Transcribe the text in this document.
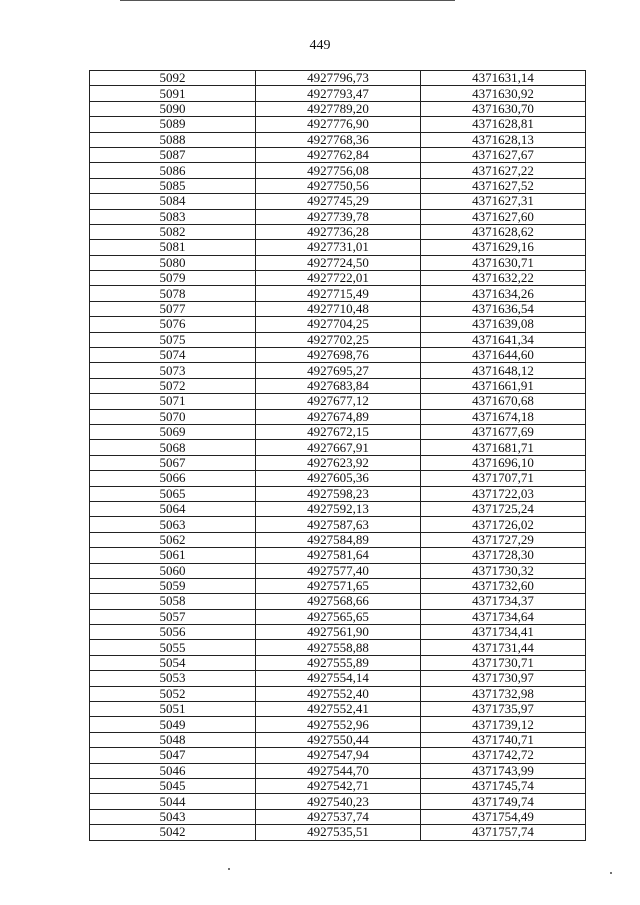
449
5092	4927796,73	4371631,14
5091	4927793,47	4371630,92
5090	4927789,20	4371630,70
5089	4927776,90	4371628,81
5088	4927768,36	4371628,13
5087	4927762,84	4371627,67
5086	4927756,08	4371627,22
5085	4927750,56	4371627,52
5084	4927745,29	4371627,31
5083	4927739,78	4371627,60
5082	4927736,28	4371628,62
5081	4927731,01	4371629,16
5080	4927724,50	4371630,71
5079	4927722,01	4371632,22
5078	4927715,49	4371634,26
5077	4927710,48	4371636,54
5076	4927704,25	4371639,08
5075	4927702,25	4371641,34
5074	4927698,76	4371644,60
5073	4927695,27	4371648,12
5072	4927683,84	4371661,91
5071	4927677,12	4371670,68
5070	4927674,89	4371674,18
5069	4927672,15	4371677,69
5068	4927667,91	4371681,71
5067	4927623,92	4371696,10
5066	4927605,36	4371707,71
5065	4927598,23	4371722,03
5064	4927592,13	4371725,24
5063	4927587,63	4371726,02
5062	4927584,89	4371727,29
5061	4927581,64	4371728,30
5060	4927577,40	4371730,32
5059	4927571,65	4371732,60
5058	4927568,66	4371734,37
5057	4927565,65	4371734,64
5056	4927561,90	4371734,41
5055	4927558,88	4371731,44
5054	4927555,89	4371730,71
5053	4927554,14	4371730,97
5052	4927552,40	4371732,98
5051	4927552,41	4371735,97
5049	4927552,96	4371739,12
5048	4927550,44	4371740,71
5047	4927547,94	4371742,72
5046	4927544,70	4371743,99
5045	4927542,71	4371745,74
5044	4927540,23	4371749,74
5043	4927537,74	4371754,49
5042	4927535,51	4371757,74
